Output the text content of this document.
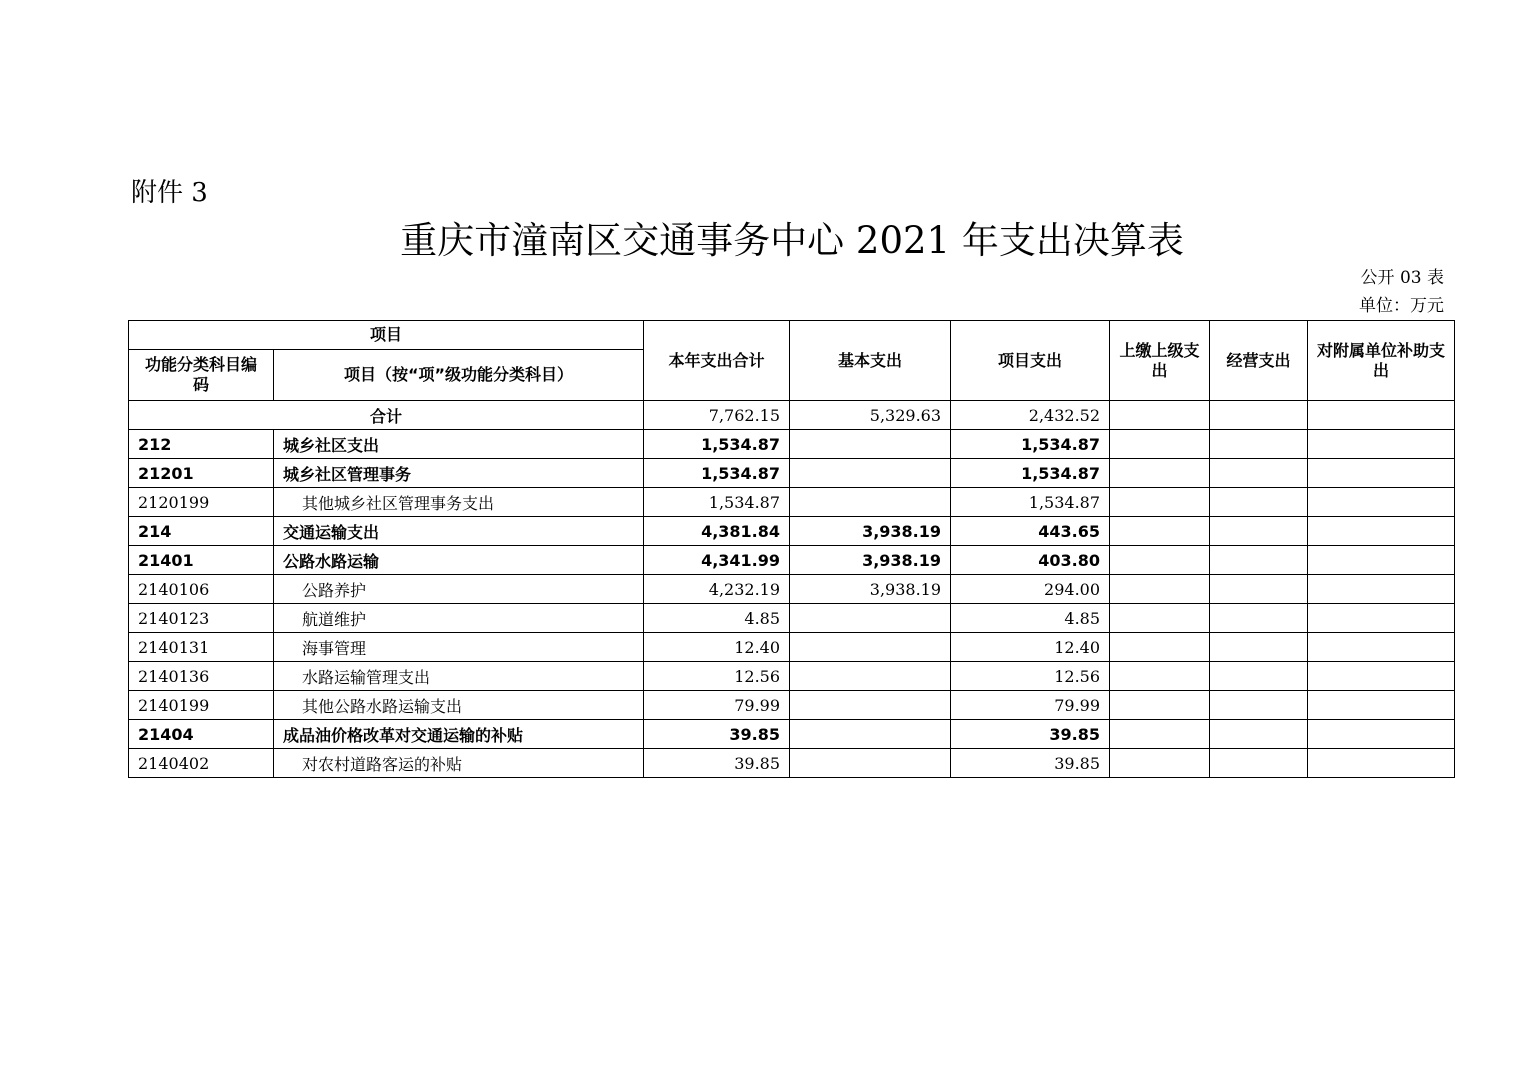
附件 3
重庆市潼南区交通事务中心 2021 年支出决算表
公开 03 表
单位：万元
项目		本年支出合计	基本支出	项目支出	上缴上级支出	经营支出	对附属单位补助支出
功能分类科目编码	项目（按“项”级功能分类科目）						
合计		7,762.15	5,329.63	2,432.52			
212	城乡社区支出	1,534.87		1,534.87			
21201	城乡社区管理事务	1,534.87		1,534.87			
2120199	其他城乡社区管理事务支出	1,534.87		1,534.87			
214	交通运输支出	4,381.84	3,938.19	443.65			
21401	公路水路运输	4,341.99	3,938.19	403.80			
2140106	公路养护	4,232.19	3,938.19	294.00			
2140123	航道维护	4.85		4.85			
2140131	海事管理	12.40		12.40			
2140136	水路运输管理支出	12.56		12.56			
2140199	其他公路水路运输支出	79.99		79.99			
21404	成品油价格改革对交通运输的补贴	39.85		39.85			
2140402	对农村道路客运的补贴	39.85		39.85			
